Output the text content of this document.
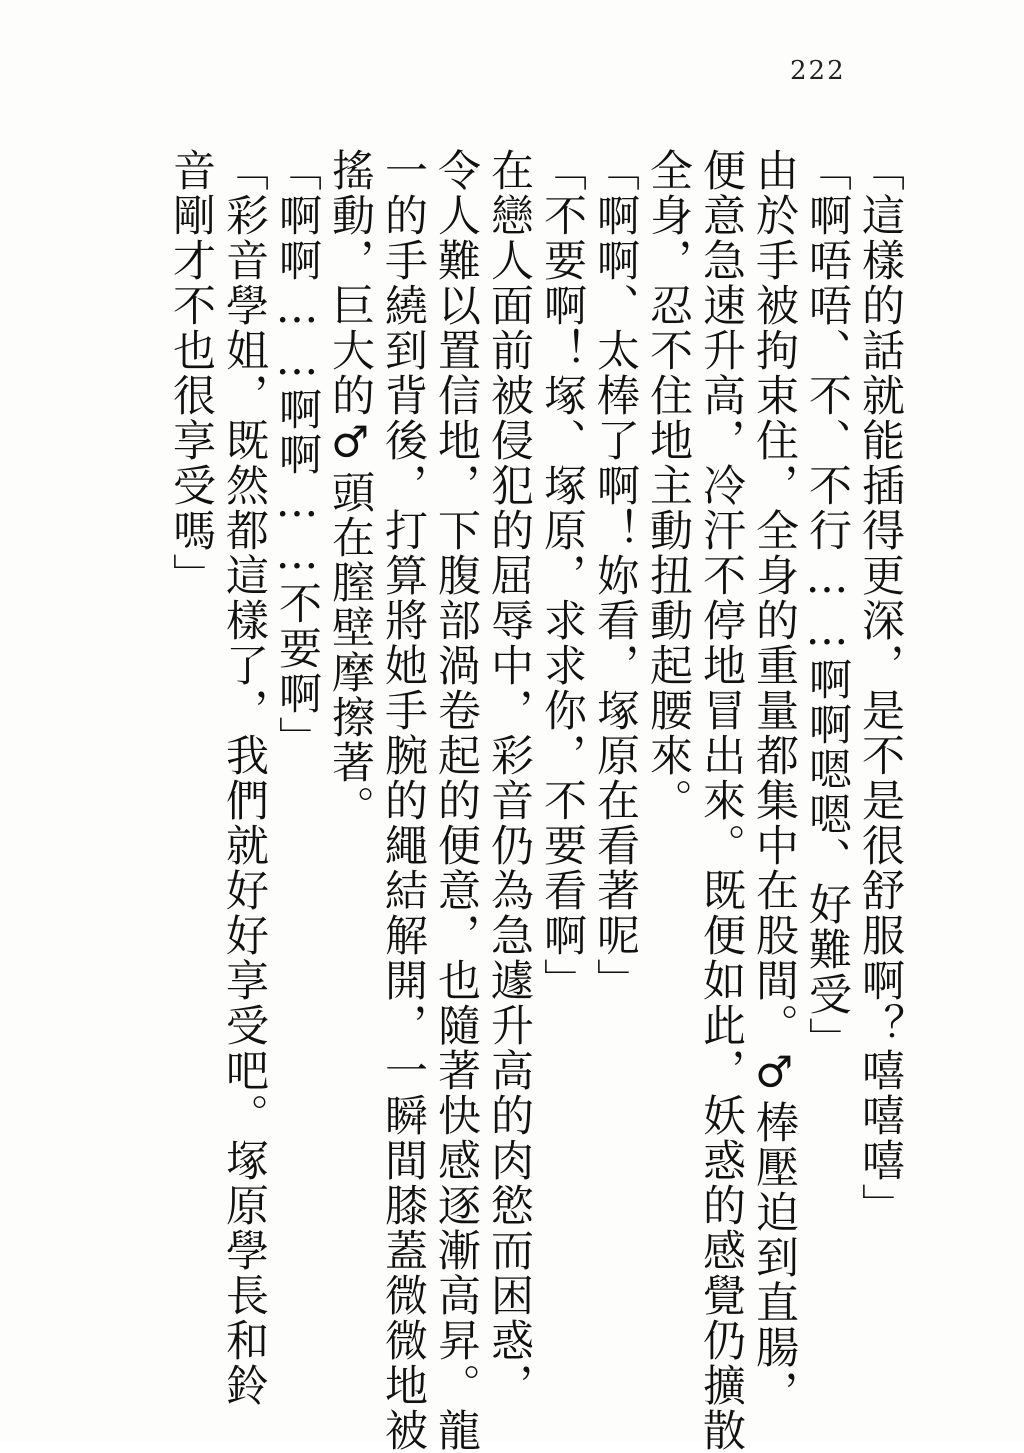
222

「這樣的話就能插得更深，是不是很舒服啊？嘻嘻嘻」

「啊唔唔、不、不行……啊啊嗯嗯、好難受」

由於手被拘束住，全身的重量都集中在股間。♂棒壓迫到直腸，

便意急速升高，冷汗不停地冒出來。既便如此，妖惑的感覺仍擴散

全身，忍不住地主動扭動起腰來。

「啊啊、太棒了啊！妳看，塚原在看著呢」

「不要啊！塚、塚原，求求你，不要看啊」

在戀人面前被侵犯的屈辱中，彩音仍為急遽升高的肉慾而困惑，

令人難以置信地，下腹部渦卷起的便意，也隨著快感逐漸高昇。龍

一的手繞到背後，打算將她手腕的繩結解開，一瞬間膝蓋微微地被

搖動，巨大的♂頭在膣壁摩擦著。

「啊啊……啊啊……不要啊」

「彩音學姐，既然都這樣了，我們就好好享受吧。塚原學長和鈴

音剛才不也很享受嗎」
